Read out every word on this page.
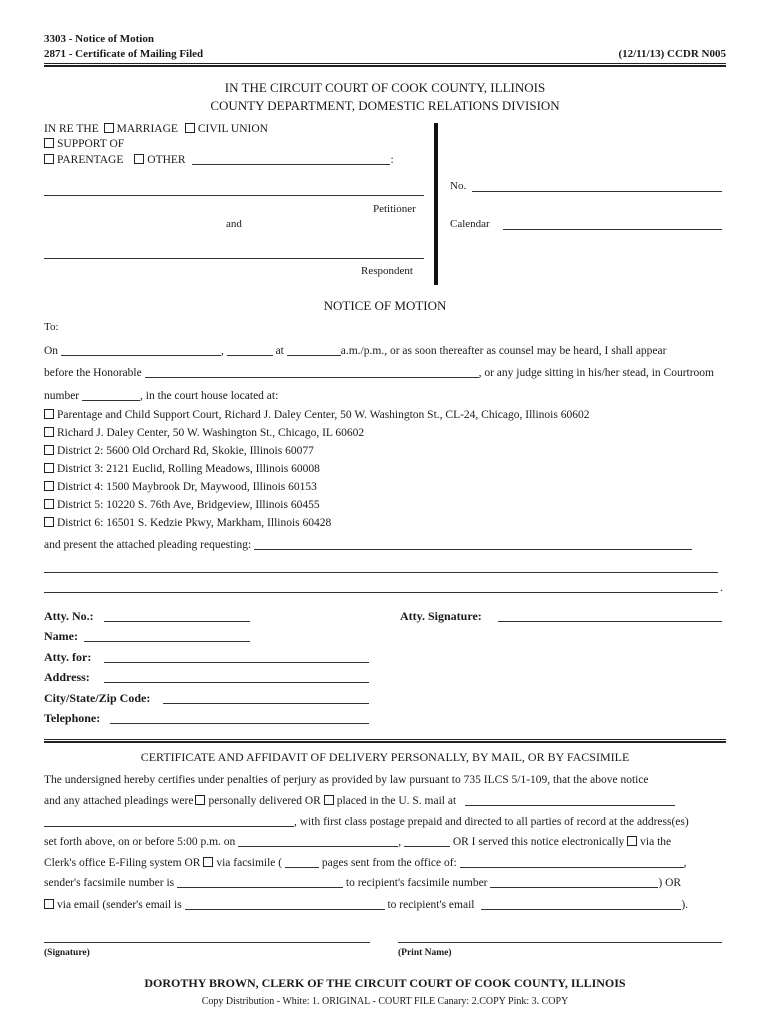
3303 - Notice of Motion
2871 - Certificate of Mailing Filed	(12/11/13) CCDR N005
IN THE CIRCUIT COURT OF COOK COUNTY, ILLINOIS
COUNTY DEPARTMENT, DOMESTIC RELATIONS DIVISION
IN RE THE MARRIAGE CIVIL UNION
SUPPORT OF
PARENTAGE OTHER	:
Petitioner
and
Respondent
No.
Calendar
NOTICE OF MOTION
To:
On	,	at	a.m./p.m., or as soon thereafter as counsel may be heard, I shall appear
before the Honorable	, or any judge sitting in his/her stead, in Courtroom
number	, in the court house located at:
Parentage and Child Support Court, Richard J. Daley Center, 50 W. Washington St., CL-24, Chicago, Illinois 60602
Richard J. Daley Center, 50 W. Washington St., Chicago, IL 60602
District 2: 5600 Old Orchard Rd, Skokie, Illinois 60077
District 3: 2121 Euclid, Rolling Meadows, Illinois 60008
District 4: 1500 Maybrook Dr, Maywood, Illinois 60153
District 5: 10220 S. 76th Ave, Bridgeview, Illinois 60455
District 6: 16501 S. Kedzie Pkwy, Markham, Illinois 60428
and present the attached pleading requesting:
.
Atty. No.:
Name:
Atty. for:
Address:
City/State/Zip Code:
Telephone:
Atty. Signature:
CERTIFICATE AND AFFIDAVIT OF DELIVERY PERSONALLY, BY MAIL, OR BY FACSIMILE
The undersigned hereby certifies under penalties of perjury as provided by law pursuant to 735 ILCS 5/1-109, that the above notice
and any attached pleadings were personally delivered OR placed in the U. S. mail at
, with first class postage prepaid and directed to all parties of record at the address(es)
set forth above, on or before 5:00 p.m. on	,	OR I served this notice electronically via the
Clerk's office E-Filing system OR via facsimile (	pages sent from the office of:	,
sender's facsimile number is	to recipient's facsimile number	) OR
via email (sender's email is	to recipient's email	).
(Signature)	(Print Name)
DOROTHY BROWN, CLERK OF THE CIRCUIT COURT OF COOK COUNTY, ILLINOIS
Copy Distribution - White: 1. ORIGINAL - COURT FILE Canary: 2.COPY Pink: 3. COPY
